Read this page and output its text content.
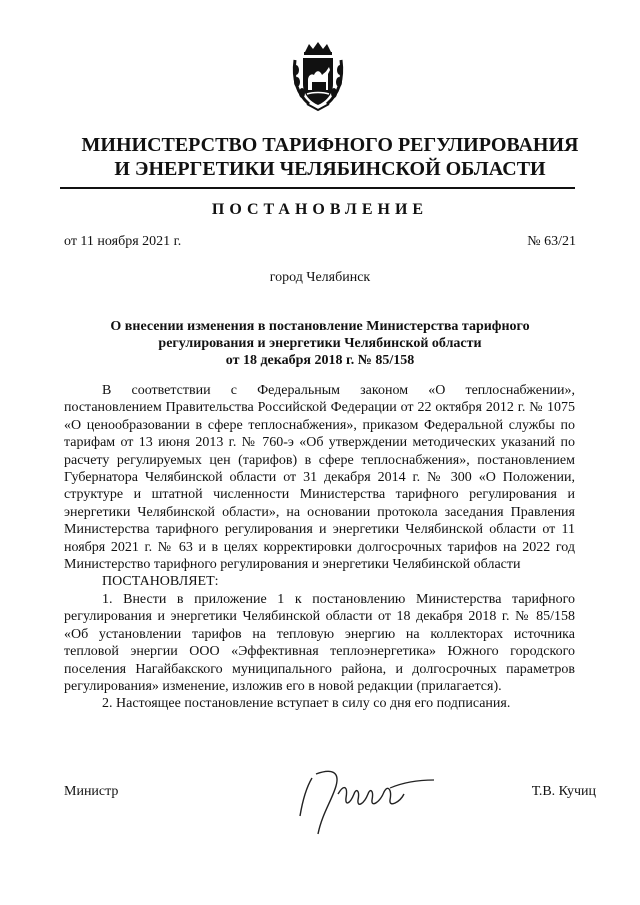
МИНИСТЕРСТВО ТАРИФНОГО РЕГУЛИРОВАНИЯ
И ЭНЕРГЕТИКИ ЧЕЛЯБИНСКОЙ ОБЛАСТИ
ПОСТАНОВЛЕНИЕ
от 11 ноября 2021 г.	№ 63/21
город Челябинск
О внесении изменения в постановление Министерства тарифного
регулирования и энергетики Челябинской области
от 18 декабря 2018 г. № 85/158

В соответствии с Федеральным законом «О теплоснабжении», постановлением Правительства Российской Федерации от 22 октября 2012 г. № 1075 «О ценообразовании в сфере теплоснабжения», приказом Федеральной службы по тарифам от 13 июня 2013 г. № 760-э «Об утверждении методических указаний по расчету регулируемых цен (тарифов) в сфере теплоснабжения», постановлением Губернатора Челябинской области от 31 декабря 2014 г. № 300 «О Положении, структуре и штатной численности Министерства тарифного регулирования и энергетики Челябинской области», на основании протокола заседания Правления Министерства тарифного регулирования и энергетики Челябинской области от 11 ноября 2021 г. № 63 и в целях корректировки долгосрочных тарифов на 2022 год Министерство тарифного регулирования и энергетики Челябинской области

ПОСТАНОВЛЯЕТ:

1. Внести в приложение 1 к постановлению Министерства тарифного регулирования и энергетики Челябинской области от 18 декабря 2018 г. № 85/158 «Об установлении тарифов на тепловую энергию на коллекторах источника тепловой энергии ООО «Эффективная теплоэнергетика» Южного городского поселения Нагайбакского муниципального района, и долгосрочных параметров регулирования» изменение, изложив его в новой редакции (прилагается).

2. Настоящее постановление вступает в силу со дня его подписания.

Министр	Т.В. Кучиц
